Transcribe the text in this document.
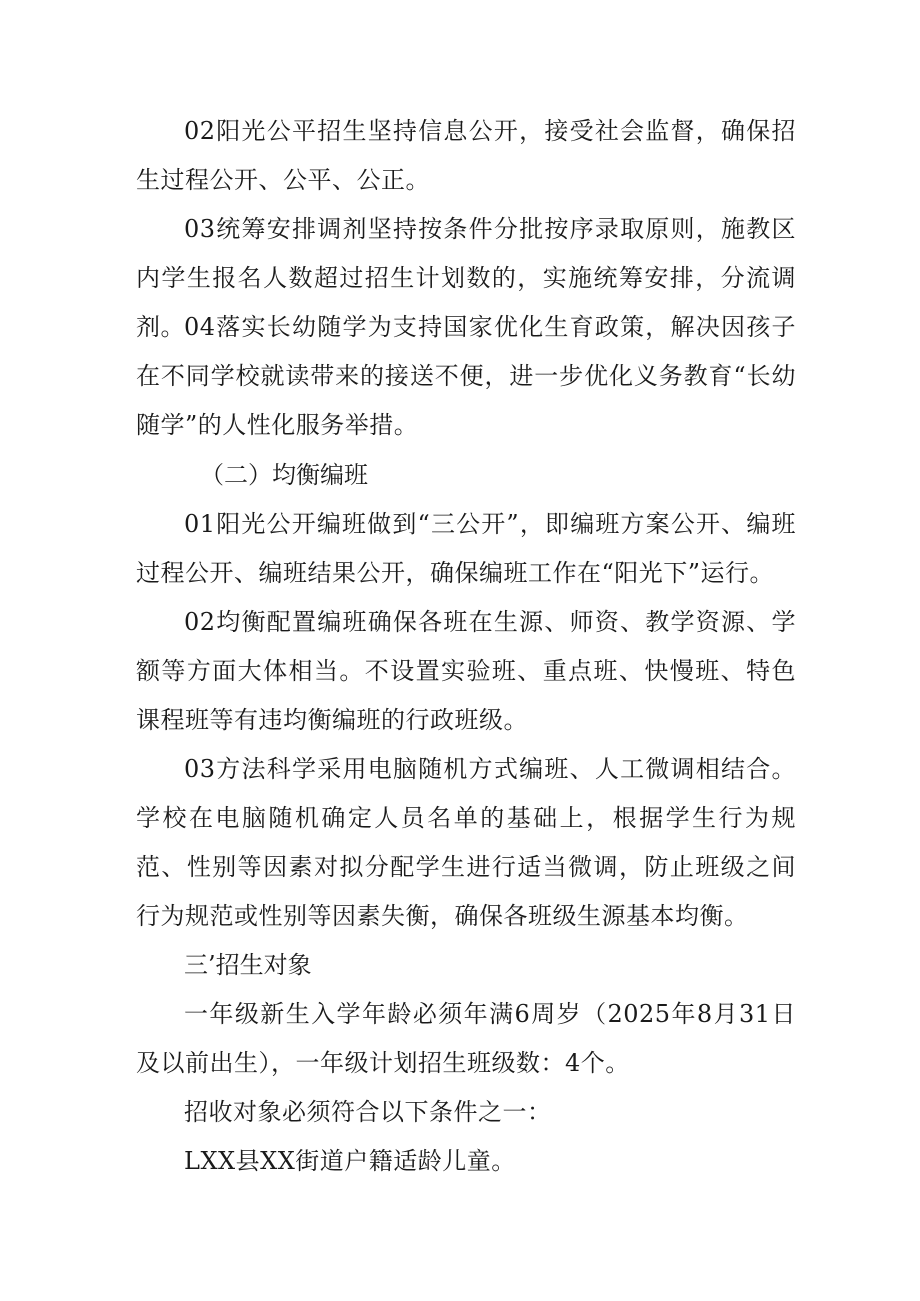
02阳光公平招生坚持信息公开，接受社会监督，确保招生过程公开、公平、公正。

03统筹安排调剂坚持按条件分批按序录取原则，施教区内学生报名人数超过招生计划数的，实施统筹安排，分流调剂。 04落实长幼随学为支持国家优化生育政策，解决因孩子在不同学校就读带来的接送不便，进一步优化义务教育“长幼随学”的人性化服务举措。

（二）均衡编班

01阳光公开编班做到“三公开”，即编班方案公开、编班过程公开、编班结果公开，确保编班工作在“阳光下”运行。

02均衡配置编班确保各班在生源、师资、教学资源、学额等方面大体相当。不设置实验班、重点班、快慢班、特色课程班等有违均衡编班的行政班级。

03方法科学采用电脑随机方式编班、人工微调相结合。学校在电脑随机确定人员名单的基础上，根据学生行为规范、性别等因素对拟分配学生进行适当微调，防止班级之间行为规范或性别等因素失衡，确保各班级生源基本均衡。

三’招生对象

一年级新生入学年龄必须年满6周岁（2025年8月31日及以前出生），一年级计划招生班级数：4个。

招收对象必须符合以下条件之一：

LXX县XX街道户籍适龄儿童。
